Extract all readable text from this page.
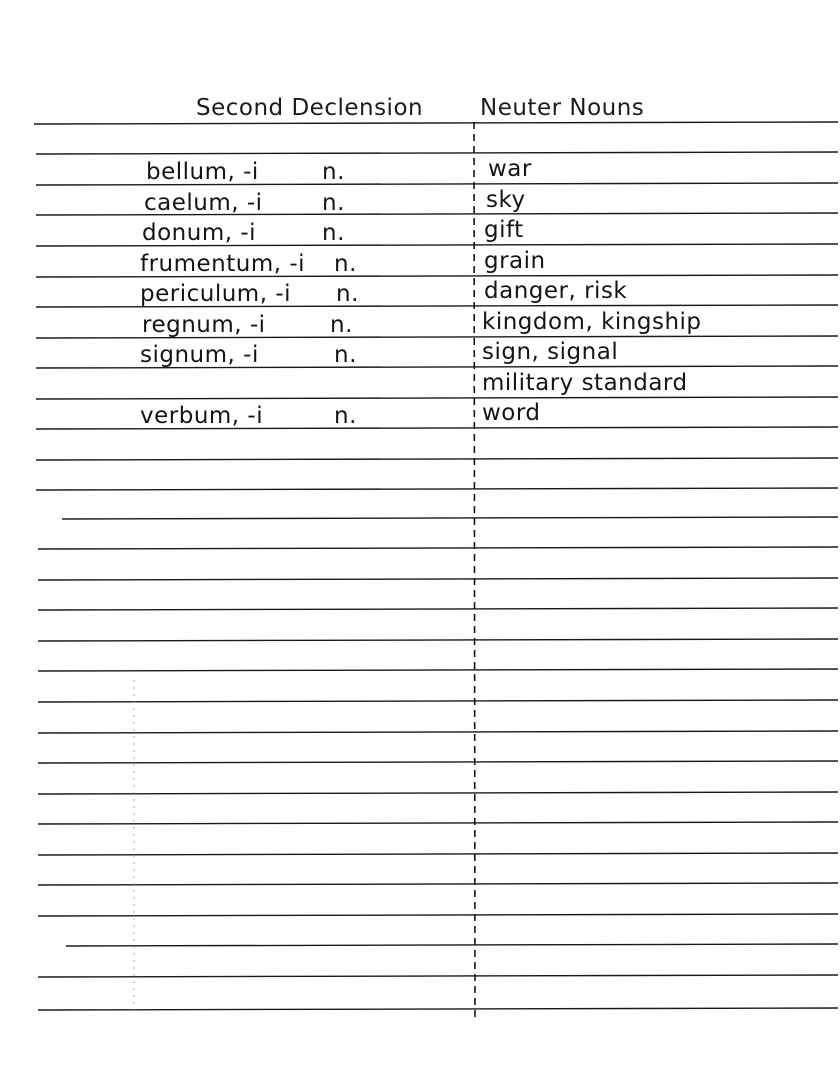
Second Declension Neuter Nouns
bellum, -i	n.	war
caelum, -i	n.	sky
donum, -i	n.	gift
frumentum, -i n.	grain
periculum, -i n.	danger, risk
regnum, -i	n.	kingdom, kingship
signum, -i	n.	sign, signal
military standard
verbum, -i	n.	word
